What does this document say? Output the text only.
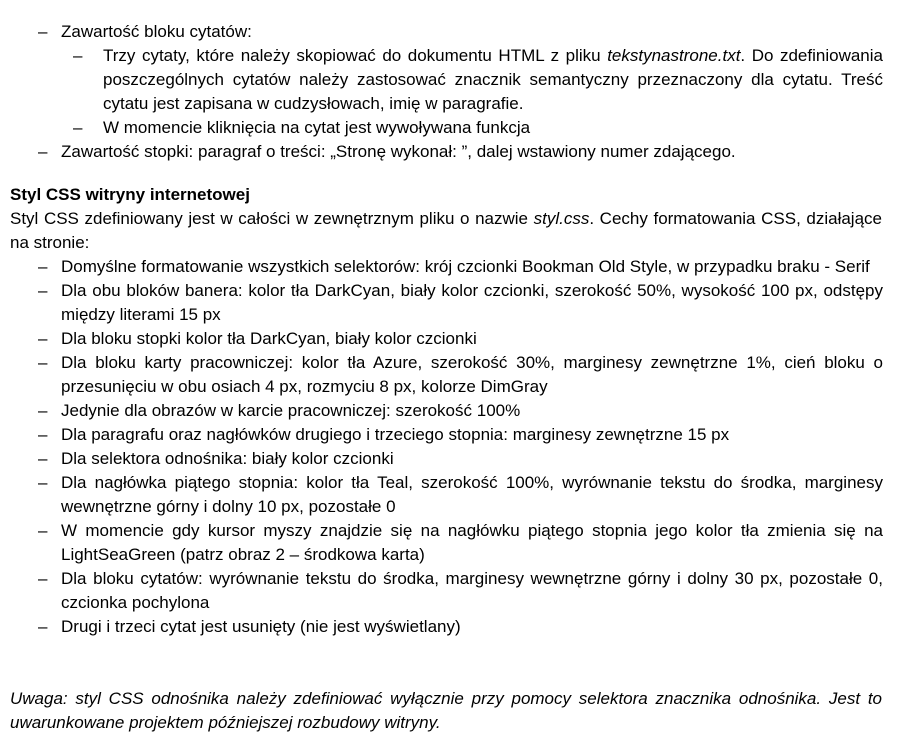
– Zawartość bloku cytatów:
– Trzy cytaty, które należy skopiować do dokumentu HTML z pliku tekstynastrone.txt. Do zdefiniowania poszczególnych cytatów należy zastosować znacznik semantyczny przeznaczony dla cytatu. Treść cytatu jest zapisana w cudzysłowach, imię w paragrafie.
– W momencie kliknięcia na cytat jest wywoływana funkcja
– Zawartość stopki: paragraf o treści: „Stronę wykonał: ”, dalej wstawiony numer zdającego.
Styl CSS witryny internetowej
Styl CSS zdefiniowany jest w całości w zewnętrznym pliku o nazwie styl.css. Cechy formatowania CSS, działające na stronie:
– Domyślne formatowanie wszystkich selektorów: krój czcionki Bookman Old Style, w przypadku braku - Serif
– Dla obu bloków banera: kolor tła DarkCyan, biały kolor czcionki, szerokość 50%, wysokość 100 px, odstępy między literami 15 px
– Dla bloku stopki kolor tła DarkCyan, biały kolor czcionki
– Dla bloku karty pracowniczej: kolor tła Azure, szerokość 30%, marginesy zewnętrzne 1%, cień bloku o przesunięciu w obu osiach 4 px, rozmyciu 8 px, kolorze DimGray
– Jedynie dla obrazów w karcie pracowniczej: szerokość 100%
– Dla paragrafu oraz nagłówków drugiego i trzeciego stopnia: marginesy zewnętrzne 15 px
– Dla selektora odnośnika: biały kolor czcionki
– Dla nagłówka piątego stopnia: kolor tła Teal, szerokość 100%, wyrównanie tekstu do środka, marginesy wewnętrzne górny i dolny 10 px, pozostałe 0
– W momencie gdy kursor myszy znajdzie się na nagłówku piątego stopnia jego kolor tła zmienia się na LightSeaGreen (patrz obraz 2 – środkowa karta)
– Dla bloku cytatów: wyrównanie tekstu do środka, marginesy wewnętrzne górny i dolny 30 px, pozostałe 0, czcionka pochylona
– Drugi i trzeci cytat jest usunięty (nie jest wyświetlany)
Uwaga: styl CSS odnośnika należy zdefiniować wyłącznie przy pomocy selektora znacznika odnośnika. Jest to uwarunkowane projektem późniejszej rozbudowy witryny.
